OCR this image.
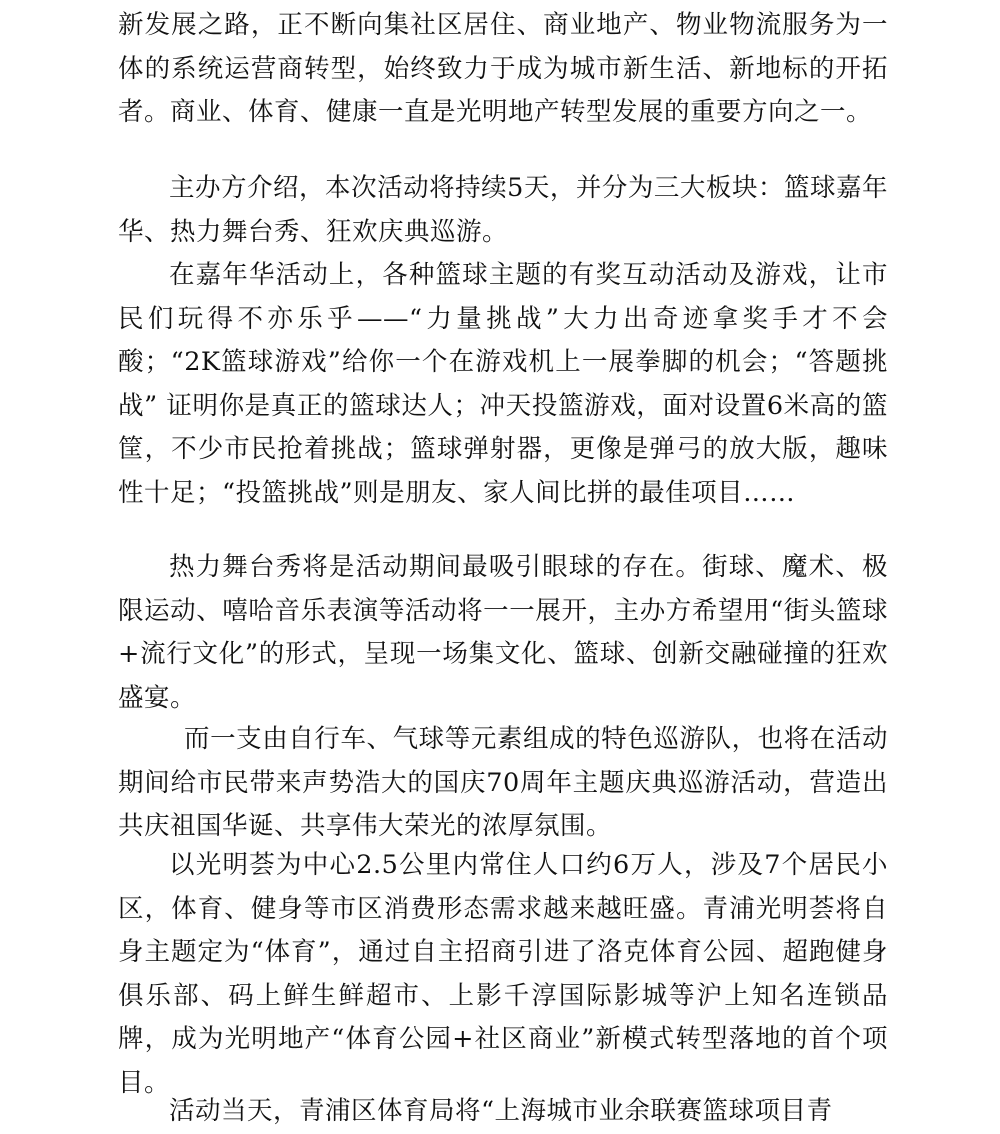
新发展之路，正不断向集社区居住、商业地产、物业物流服务为一体的系统运营商转型，始终致力于成为城市新生活、新地标的开拓者。商业、体育、健康一直是光明地产转型发展的重要方向之一。

主办方介绍，本次活动将持续5天，并分为三大板块：篮球嘉年华、热力舞台秀、狂欢庆典巡游。

在嘉年华活动上，各种篮球主题的有奖互动活动及游戏，让市民们玩得不亦乐乎——“力量挑战”大力出奇迹拿奖手才不会酸；“2K篮球游戏”给你一个在游戏机上一展拳脚的机会；“答题挑战” 证明你是真正的篮球达人；冲天投篮游戏，面对设置6米高的篮筐，不少市民抢着挑战；篮球弹射器，更像是弹弓的放大版，趣味性十足；“投篮挑战”则是朋友、家人间比拼的最佳项目……

热力舞台秀将是活动期间最吸引眼球的存在。街球、魔术、极限运动、嘻哈音乐表演等活动将一一展开，主办方希望用“街头篮球+流行文化”的形式，呈现一场集文化、篮球、创新交融碰撞的狂欢盛宴。

而一支由自行车、气球等元素组成的特色巡游队，也将在活动期间给市民带来声势浩大的国庆70周年主题庆典巡游活动，营造出共庆祖国华诞、共享伟大荣光的浓厚氛围。

以光明荟为中心2.5公里内常住人口约6万人，涉及7个居民小区，体育、健身等市区消费形态需求越来越旺盛。青浦光明荟将自身主题定为“体育”，通过自主招商引进了洛克体育公园、超跑健身俱乐部、码上鲜生鲜超市、上影千淳国际影城等沪上知名连锁品牌，成为光明地产“体育公园+社区商业”新模式转型落地的首个项目。

活动当天，青浦区体育局将“上海城市业余联赛篮球项目青
